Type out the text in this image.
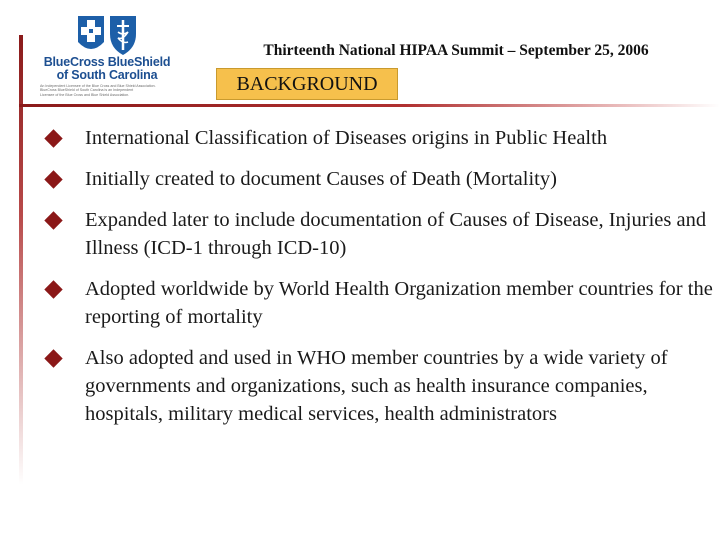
BlueCross BlueShield
of South Carolina
An Independent Licensee of the Blue Cross and Blue Shield Association.
BlueCross BlueShield of South Carolina is an Independent
Licensee of the Blue Cross and Blue Shield Association.
Thirteenth National HIPAA Summit – September 25, 2006
BACKGROUND
International Classification of Diseases origins in Public Health
Initially created to document Causes of Death (Mortality)
Expanded later to include documentation of Causes of Disease, Injuries and Illness (ICD-1 through ICD-10)
Adopted worldwide by World Health Organization member countries for the reporting of mortality
Also adopted and used in WHO member countries by a wide variety of governments and organizations, such as health insurance companies, hospitals, military medical services, health administrators
